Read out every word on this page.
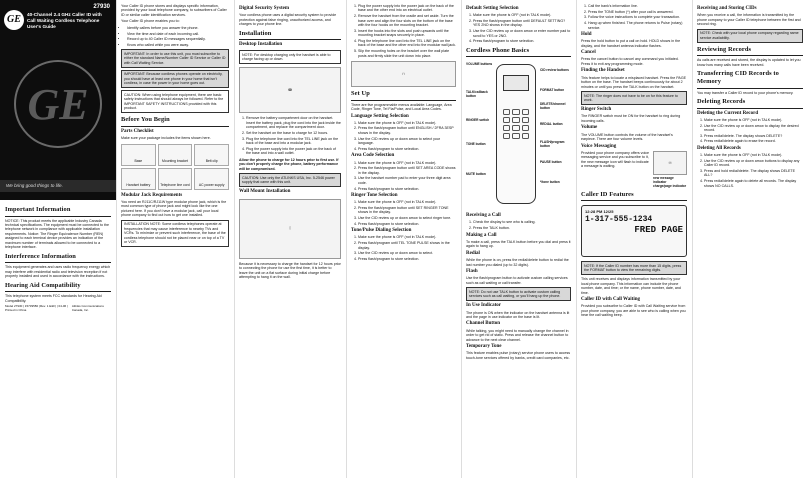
27930
GE	40-Channel 2.4 GHz Caller ID with
Call Waiting Cordless Telephone
User's Guide
GE
We bring good things to life.
Important Information

NOTICE: This product meets the applicable Industry Canada technical specifications. The equipment must be connected to the telephone network in compliance with applicable installation requirements. Notice: The Ringer Equivalence Number (REN) assigned to each terminal device provides an indication of the maximum number of terminals allowed to be connected to a telephone interface.

Interference Information

This equipment generates and uses radio frequency energy which may interfere with residential radio and television reception if not properly installed and used in accordance with the instructions.

Hearing Aid Compatibility

This telephone system meets FCC standards for Hearing Aid Compatibility.

Model 27930 | 15739580 (Rev. 1 E&F) | 04-06 | Printed in China
Atlinks Communications Canada, Inc.

Your Caller ID phone stores and displays specific information, provided by your local telephone company, to subscribers of Caller ID or similar caller identification services.

Your Caller ID phone enables you to:

• Identify callers before you answer the phone.
• View the time and date of each incoming call.
• Record up to 40 Caller ID messages sequentially.
• Know who called while you were away.
IMPORTANT: In order to use this unit, you must subscribe to either the standard Name/Number Caller ID Service or Caller ID with Call Waiting Service.
IMPORTANT: Because cordless phones operate on electricity, you should have at least one phone in your home that isn't cordless, in case the power in your home goes out.
CAUTION: When using telephone equipment, there are basic safety instructions that should always be followed. Refer to the IMPORTANT SAFETY INSTRUCTIONS provided with this product.
Before You Begin
Parts Checklist

Make sure your package includes the items shown here.

Base	Mounting bracket	Belt clip
Handset battery	Telephone line cord	AC power supply
Modular Jack Requirements

You need an RJ11C/RJ11W type modular phone jack, which is the most common type of phone jack and might look like the one pictured here. If you don't have a modular jack, call your local phone company to find out how to get one installed.

INSTALLATION NOTE: Some cordless telephones operate at frequencies that may cause interference to nearby TVs and VCRs. To minimize or prevent such interference, the base of the cordless telephone should not be placed near or on top of a TV or VCR.
Digital Security System

Your cordless phone uses a digital security system to provide protection against false ringing, unauthorized access, and charges to your phone line.

Installation
Desktop Installation
NOTE: For desktop charging only the handset is able to charge facing up or down.
☎
1. Remove the battery compartment door on the handset. Insert the battery pack, plug the cord into the jack inside the compartment, and replace the compartment door.
2. Set the handset on the base to charge for 12 hours.
3. Plug the telephone line cord into the TEL LINE jack on the back of the base and into a modular jack.
4. Plug the power supply into the power jack on the back of the base and into a wall outlet.

Allow the phone to charge for 12 hours prior to first use. If you don't properly charge the phone, battery performance will be compromised.

CAUTION: Use only the ATLINKS USA, Inc. 5-2546 power supply that came with this unit.
Wall Mount Installation
▯

Because it is necessary to charge the handset for 12 hours prior to connecting the phone for use the first time, it is better to leave the unit on a flat surface during initial charge before attempting to hang it on the wall.

1. Plug the power supply into the power jack on the back of the base and the other end into an electrical outlet.
2. Remove the handset from the cradle and set aside. Turn the base over and align the four slots on the bottom of the base with the four hooks on the mounting bracket.
3. Insert the hooks into the slots and push upwards until the mounting bracket snaps securely in place.
4. Plug the telephone line cord into the TEL LINE jack on the back of the base and the other end into the modular wall jack.
5. Slip the mounting holes on the bracket over the wall plate posts and firmly slide the unit down into place.
⊓
Set Up

There are five programmable menus available: Language, Area Code, Ringer Tone, Tel Fla/Pulse, and Local Area Codes.

Language Setting Selection
1. Make sure the phone is OFF (not in TALK mode).
2. Press the flash/program button until ENGLISH / 2FRA 3ESP shows in the display.
3. Use the CID review up or down arrow to select your language.
4. Press flash/program to store selection.
Area Code Selection
1. Make sure the phone is OFF (not in TALK mode).
2. Press the flash/program button until SET AREA CODE shows in the display.
3. Use the handset number pad to enter your three digit area code.
4. Press flash/program to store selection.
Ringer Tone Selection
1. Make sure the phone is OFF (not in TALK mode).
2. Press the flash/program button until SET RINGER TONE shows in the display.
3. Use the CID review up or down arrow to select ringer tone.
4. Press flash/program to store selection.
Tone/Pulse Dialing Selection
1. Make sure the phone is OFF (not in TALK mode).
2. Press flash/program until TEL TONE PULSE shows in the display.
3. Use the CID review up or down arrow to select.
4. Press flash/program to store selection.
Default Setting Selection
1. Make sure the phone is OFF (not in TALK mode).
2. Press the flash/program button until DEFAULT SETTING? YES 2NO shows in the display.
3. Use the CID review up or down arrow or enter number pad to scroll to YES or 2NO.
4. Press flash/program to store selection.
Cordless Phone Basics
VOLUME buttons
CID review buttons
TALK/callback button
FORMAT button
DELETE/channel button
RINGER switch
TONE button
REDIAL button
FLASH/program button
PAUSE button
MUTE button
*/tone button
Receiving a Call
1. Check the display to see who is calling.
2. Press the TALK button.
Making a Call

To make a call, press the TALK button before you dial and press it again to hang up.

Redial

While the phone is on, press the redial/delete button to redial the last number you dialed (up to 32 digits).

Flash

Use the flash/program button to activate custom calling services such as call waiting or call transfer.

NOTE: Do not use TALK button to activate custom calling services such as call waiting, or you'll hang up the phone.
In Use Indicator

The phone is ON when the indicator on the handset antenna is lit and the page in use indicator on the base is lit.

Channel Button

While talking, you might need to manually change the channel in order to get rid of static. Press and release the channel button to advance to the next clear channel.

Temporary Tone

This feature enables pulse (rotary) service phone users to access touch-tone services offered by banks, credit card companies, etc.

1. Call the bank's information line.
2. Press the TONE button (*) after your call is answered.
3. Follow the voice instructions to complete your transaction.
4. Hang up when finished. The phone returns to Pulse (rotary) service.
Hold

Press the hold button to put a call on hold. HOLD shows in the display, and the handset antenna indicator flashes.

Cancel

Press the cancel button to cancel any command you initiated. Press it to exit any programming mode.

Finding the Handset

This feature helps to locate a misplaced handset. Press the PAGE button on the base. The handset beeps continuously for about 2 minutes or until you press the TALK button on the handset.

NOTE: The ringer does not have to be on for this feature to work.
Ringer Switch

The RINGER switch must be ON for the handset to ring during incoming calls.

Volume

The VOLUME button controls the volume of the handset's earpiece. There are four volume levels.

Voice Messaging

Provided your phone company offers voice messaging service and you subscribe to it, the new message icon will flash to indicate a message is waiting.

✉
new message indicator
charge/page indicator
Caller ID Features
12:28 PM 12/25
1-317-555-1234
FRED PAGE
NOTE: If the Caller ID number has more than 15 digits, press the FORMAT button to view the remaining digits.

This unit receives and displays information transmitted by your local phone company. This information can include the phone number, date, and time; or the name, phone number, date, and time.

Caller ID with Call Waiting

Provided you subscribe to Caller ID with Call Waiting service from your phone company, you are able to see who is calling when you hear the call waiting beep.

Receiving and Storing CIDs

When you receive a call, the information is transmitted by the phone company to your Caller ID telephone between the first and second ring.

NOTE: Check with your local phone company regarding name service availability.
Reviewing Records

As calls are received and stored, the display is updated to let you know how many calls have been received.

Transferring CID Records to Memory

You may transfer a Caller ID record to your phone's memory.

Deleting Records
Deleting the Current Record
1. Make sure the phone is OFF (not in TALK mode).
2. Use the CID review up or down arrow to display the desired record.
3. Press redial/delete. The display shows DELETE?
4. Press redial/delete again to erase the record.
Deleting All Records
1. Make sure the phone is OFF (not in TALK mode).
2. Use the CID review up or down arrow buttons to display any Caller ID record.
3. Press and hold redial/delete. The display shows DELETE ALL?
4. Press redial/delete again to delete all records. The display shows NO CALLS.
